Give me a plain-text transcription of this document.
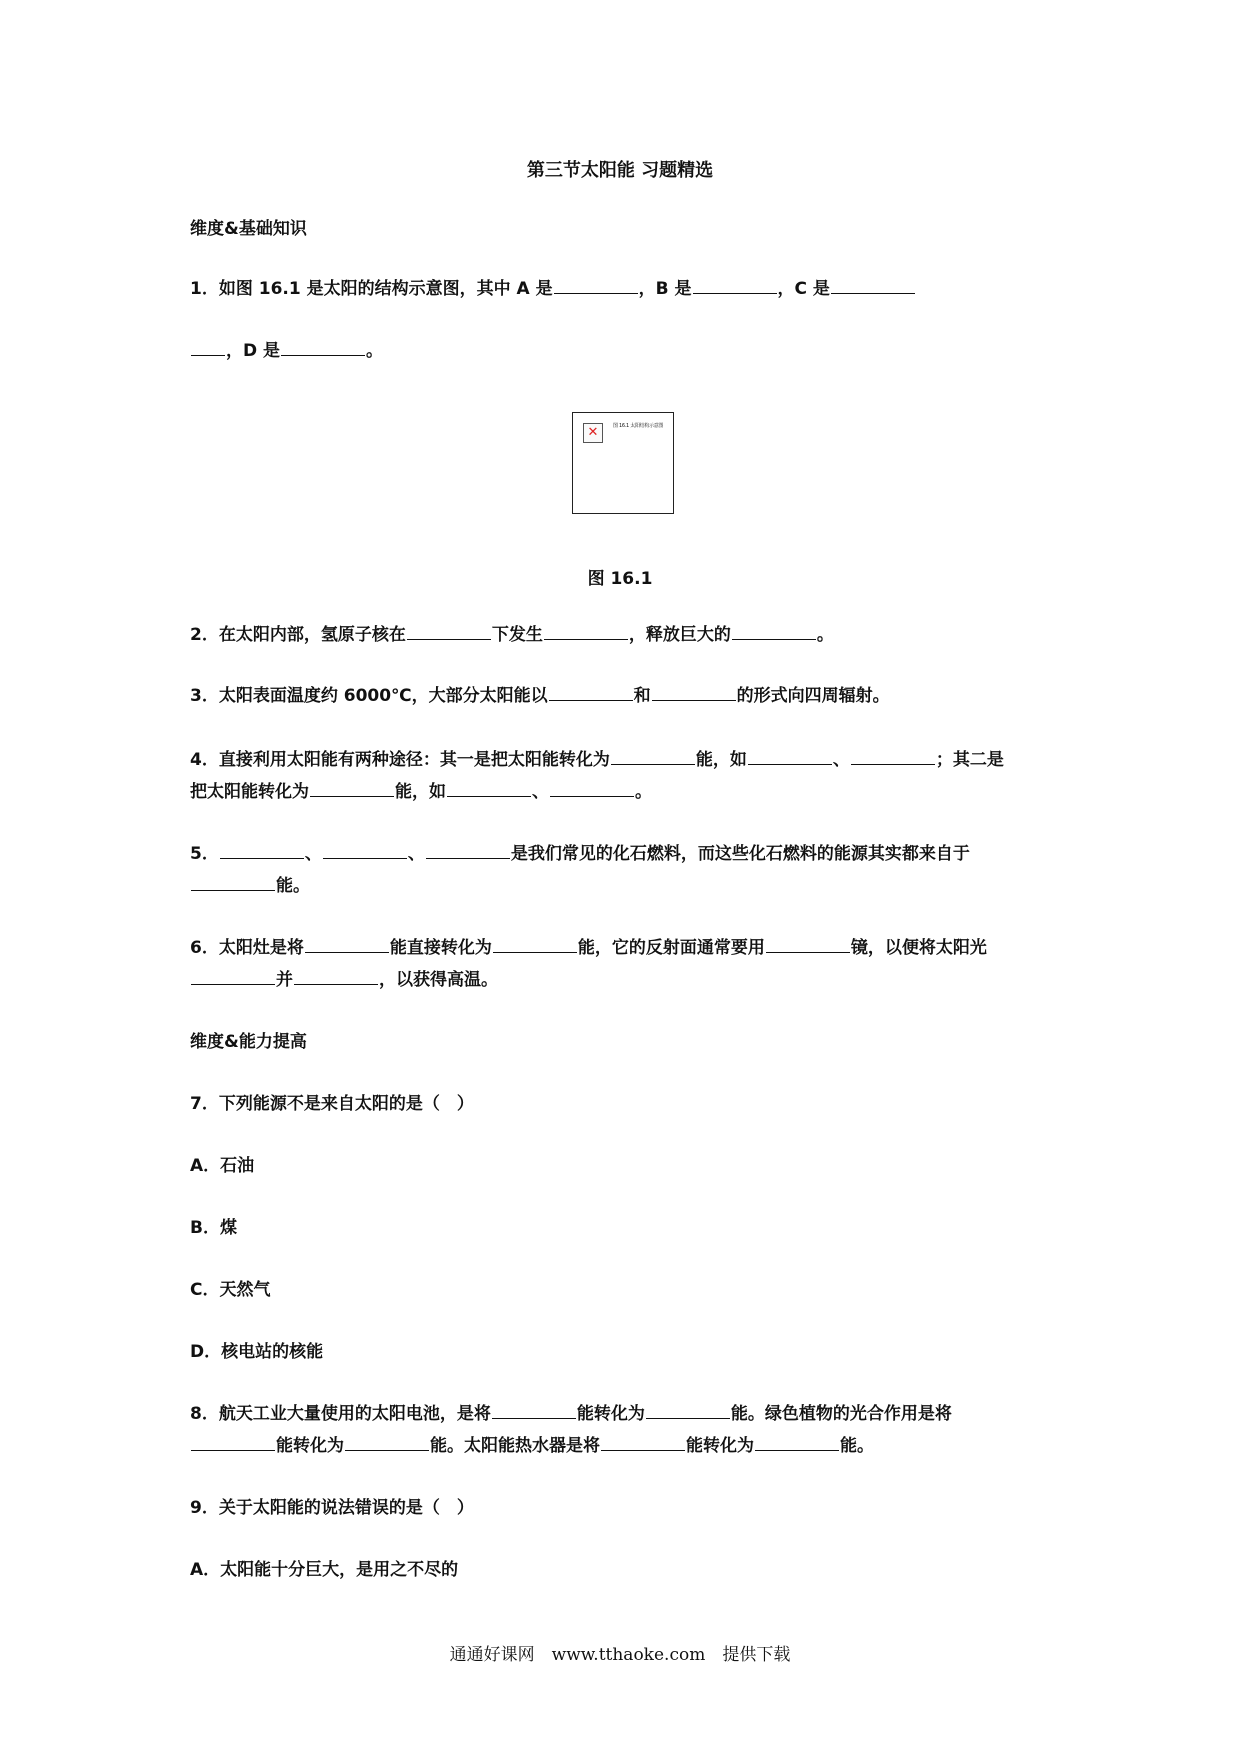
第三节太阳能 习题精选
维度&基础知识
1．如图 16.1 是太阳的结构示意图，其中 A 是	，B 是	，C 是
，D 是	。
✕	图 16.1 太阳结构示意图
图 16.1
2．在太阳内部，氢原子核在	下发生	，释放巨大的	。
3．太阳表面温度约 6000℃，大部分太阳能以	和	的形式向四周辐射。
4．直接利用太阳能有两种途径：其一是把太阳能转化为	能，如	、	；其二是
把太阳能转化为	能，如	、	。
5．	、	、	是我们常见的化石燃料，而这些化石燃料的能源其实都来自于
能。
6．太阳灶是将	能直接转化为	能，它的反射面通常要用	镜，以便将太阳光
并	，以获得高温。
维度&能力提高
7．下列能源不是来自太阳的是（　）
A．石油
B．煤
C．天然气
D．核电站的核能
8．航天工业大量使用的太阳电池，是将	能转化为	能。绿色植物的光合作用是将
能转化为	能。太阳能热水器是将	能转化为	能。
9．关于太阳能的说法错误的是（　）
A．太阳能十分巨大，是用之不尽的
通通好课网　www.tthaoke.com　提供下载
